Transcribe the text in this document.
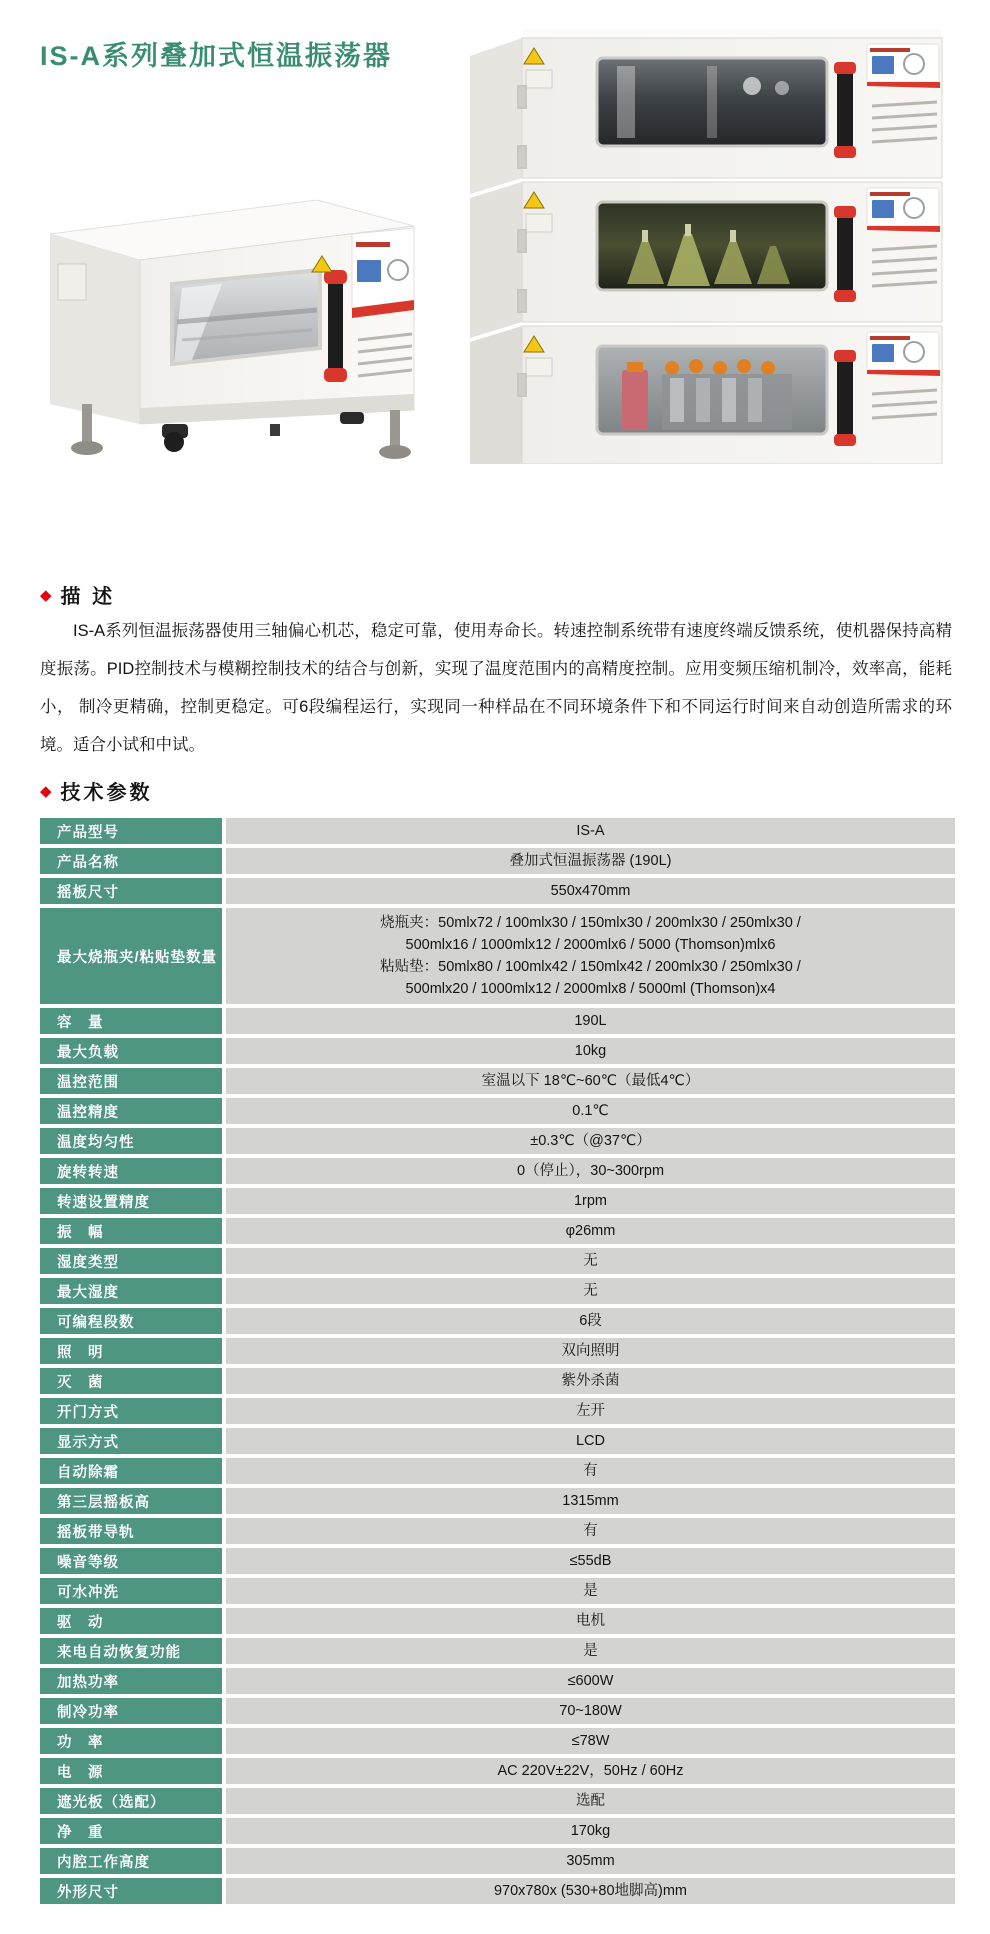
IS-A系列叠加式恒温振荡器
◆ 描 述
IS-A系列恒温振荡器使用三轴偏心机芯，稳定可靠，使用寿命长。转速控制系统带有速度终端反馈系统，使机器保持高精度振荡。PID控制技术与模糊控制技术的结合与创新，实现了温度范围内的高精度控制。应用变频压缩机制冷，效率高，能耗小， 制冷更精确，控制更稳定。可6段编程运行，实现同一种样品在不同环境条件下和不同运行时间来自动创造所需求的环境。适合小试和中试。
◆ 技术参数
产品型号	IS-A
产品名称	叠加式恒温振荡器 (190L)
摇板尺寸	550x470mm
最大烧瓶夹/粘贴垫数量
烧瓶夹：50mlx72 / 100mlx30 / 150mlx30 / 200mlx30 / 250mlx30 /
500mlx16 / 1000mlx12 / 2000mlx6 / 5000 (Thomson)mlx6
粘贴垫：50mlx80 / 100mlx42 / 150mlx42 / 200mlx30 / 250mlx30 /
500mlx20 / 1000mlx12 / 2000mlx8 / 5000ml (Thomson)x4
容　量	190L
最大负载	10kg
温控范围	室温以下 18℃~60℃（最低4℃）
温控精度	0.1℃
温度均匀性	±0.3℃（@37℃）
旋转转速	0（停止），30~300rpm
转速设置精度	1rpm
振　幅	φ26mm
湿度类型	无
最大湿度	无
可编程段数	6段
照　明	双向照明
灭　菌	紫外杀菌
开门方式	左开
显示方式	LCD
自动除霜	有
第三层摇板高	1315mm
摇板带导轨	有
噪音等级	≤55dB
可水冲洗	是
驱　动	电机
来电自动恢复功能	是
加热功率	≤600W
制冷功率	70~180W
功　率	≤78W
电　源	AC 220V±22V，50Hz / 60Hz
遮光板（选配）	选配
净　重	170kg
内腔工作高度	305mm
外形尺寸	970x780x (530+80地脚高)mm
